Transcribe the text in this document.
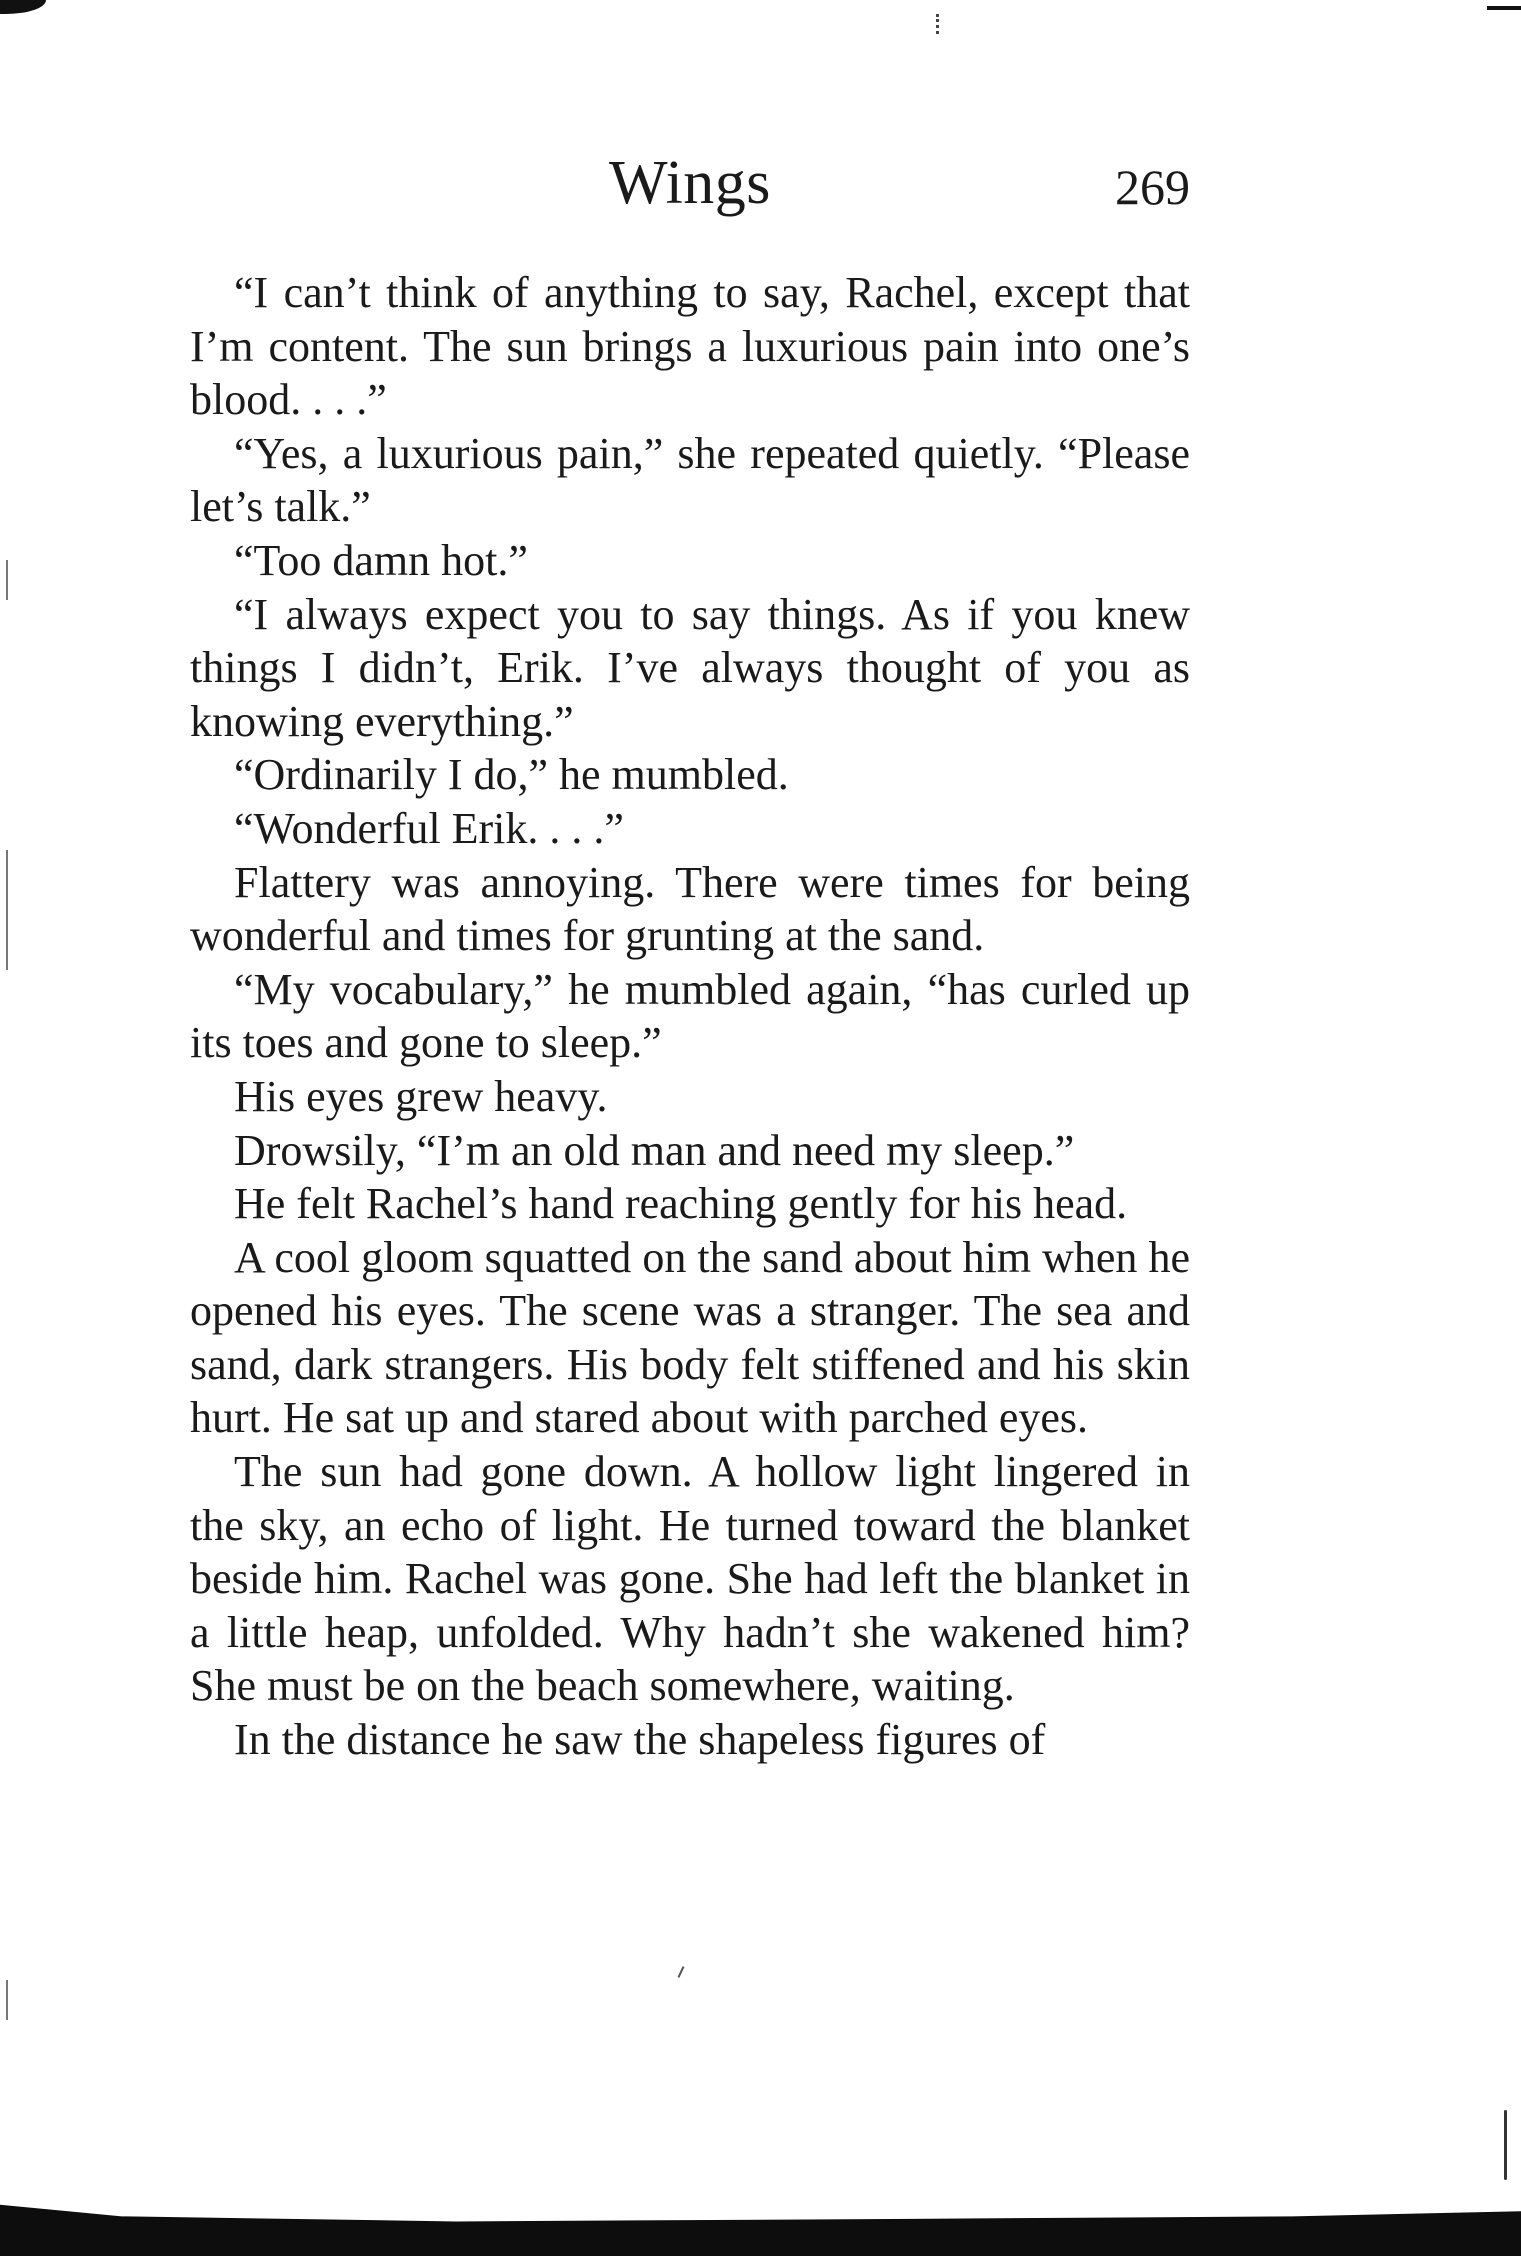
Wings	269

“I can’t think of anything to say, Rachel, except that I’m content. The sun brings a luxurious pain into one’s blood. . . .”

“Yes, a luxurious pain,” she repeated quietly. “Please let’s talk.”

“Too damn hot.”

“I always expect you to say things. As if you knew things I didn’t, Erik. I’ve always thought of you as knowing everything.”

“Ordinarily I do,” he mumbled.

“Wonderful Erik. . . .”

Flattery was annoying. There were times for being wonderful and times for grunting at the sand.

“My vocabulary,” he mumbled again, “has curled up its toes and gone to sleep.”

His eyes grew heavy.

Drowsily, “I’m an old man and need my sleep.”

He felt Rachel’s hand reaching gently for his head.

A cool gloom squatted on the sand about him when he opened his eyes. The scene was a stranger. The sea and sand, dark strangers. His body felt stiffened and his skin hurt. He sat up and stared about with parched eyes.

The sun had gone down. A hollow light lingered in the sky, an echo of light. He turned toward the blanket beside him. Rachel was gone. She had left the blanket in a little heap, unfolded. Why hadn’t she wakened him? She must be on the beach somewhere, waiting.

In the distance he saw the shapeless figures of
